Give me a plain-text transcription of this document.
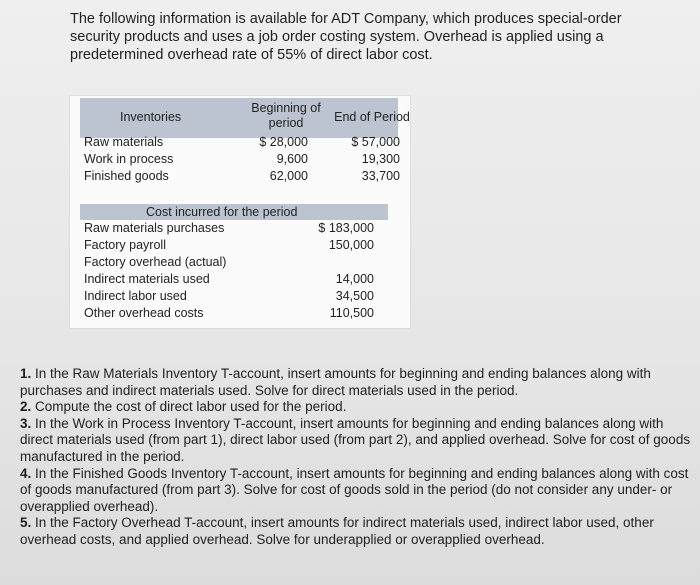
The following information is available for ADT Company, which produces special-order security products and uses a job order costing system. Overhead is applied using a predetermined overhead rate of 55% of direct labor cost.
Inventories
Beginning of period	End of Period
Raw materials	$ 28,000	$ 57,000
Work in process	9,600	19,300
Finished goods	62,000	33,700
Cost incurred for the period
Raw materials purchases	$ 183,000
Factory payroll	150,000
Factory overhead (actual)
Indirect materials used	14,000
Indirect labor used	34,500
Other overhead costs	110,500

1. In the Raw Materials Inventory T-account, insert amounts for beginning and ending balances along with purchases and indirect materials used. Solve for direct materials used in the period.

2. Compute the cost of direct labor used for the period.

3. In the Work in Process Inventory T-account, insert amounts for beginning and ending balances along with direct materials used (from part 1), direct labor used (from part 2), and applied overhead. Solve for cost of goods manufactured in the period.

4. In the Finished Goods Inventory T-account, insert amounts for beginning and ending balances along with cost of goods manufactured (from part 3). Solve for cost of goods sold in the period (do not consider any under- or overapplied overhead).

5. In the Factory Overhead T-account, insert amounts for indirect materials used, indirect labor used, other overhead costs, and applied overhead. Solve for underapplied or overapplied overhead.
